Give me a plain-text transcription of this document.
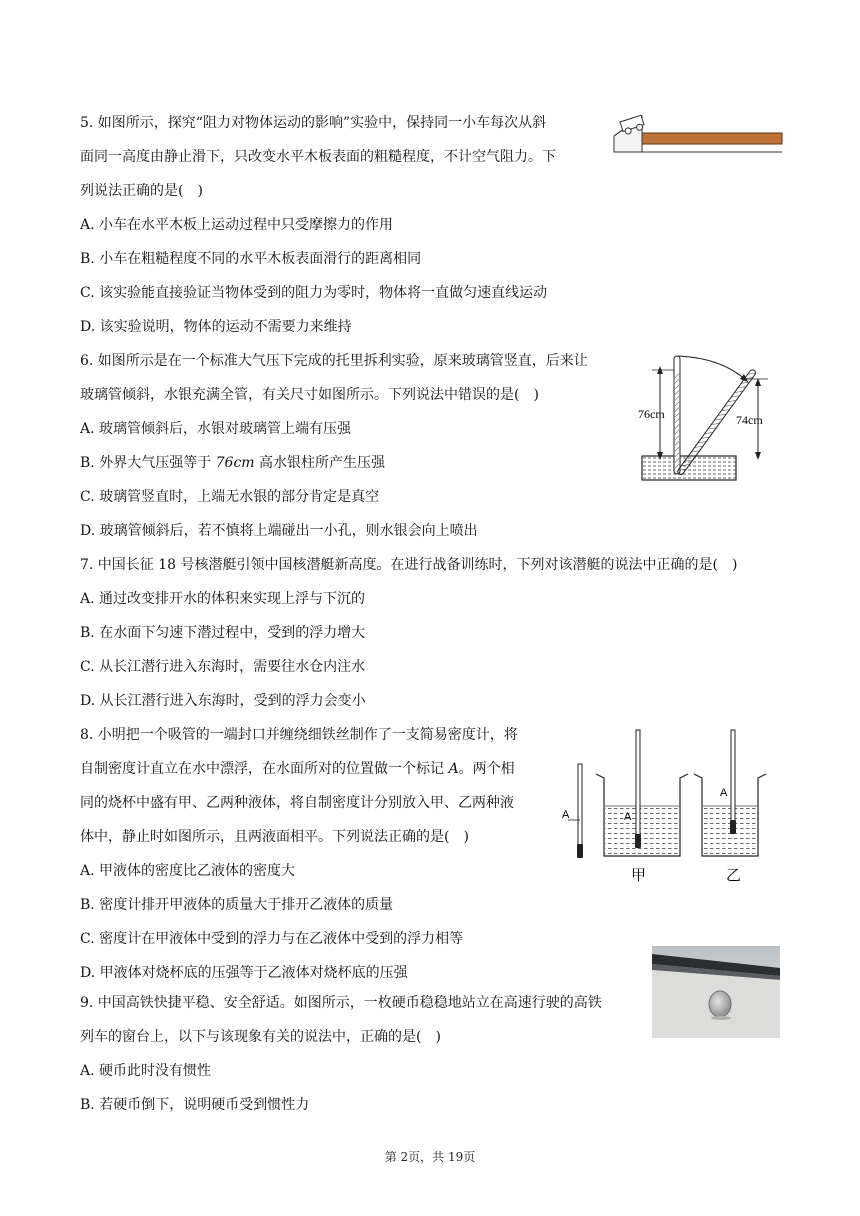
5. 如图所示，探究“阻力对物体运动的影响”实验中，保持同一小车每次从斜
面同一高度由静止滑下，只改变水平木板表面的粗糙程度，不计空气阻力。下
列说法正确的是( )
A. 小车在水平木板上运动过程中只受摩擦力的作用
B. 小车在粗糙程度不同的水平木板表面滑行的距离相同
C. 该实验能直接验证当物体受到的阻力为零时，物体将一直做匀速直线运动
D. 该实验说明，物体的运动不需要力来维持
6. 如图所示是在一个标准大气压下完成的托里拆利实验，原来玻璃管竖直，后来让
玻璃管倾斜，水银充满全管，有关尺寸如图所示。下列说法中错误的是( )
A. 玻璃管倾斜后，水银对玻璃管上端有压强
B. 外界大气压强等于 76cm 高水银柱所产生压强
C. 玻璃管竖直时，上端无水银的部分肯定是真空
D. 玻璃管倾斜后，若不慎将上端碰出一小孔，则水银会向上喷出
76cm	74cm
7. 中国长征 18 号核潜艇引领中国核潜艇新高度。在进行战备训练时，下列对该潜艇的说法中正确的是( )
A. 通过改变排开水的体积来实现上浮与下沉的
B. 在水面下匀速下潜过程中，受到的浮力增大
C. 从长江潜行进入东海时，需要往水仓内注水
D. 从长江潜行进入东海时，受到的浮力会变小
8. 小明把一个吸管的一端封口并缠绕细铁丝制作了一支简易密度计，将
自制密度计直立在水中漂浮，在水面所对的位置做一个标记 A。两个相
同的烧杯中盛有甲、乙两种液体，将自制密度计分别放入甲、乙两种液
体中，静止时如图所示，且两液面相平。下列说法正确的是( )
A. 甲液体的密度比乙液体的密度大
B. 密度计排开甲液体的质量大于排开乙液体的质量
C. 密度计在甲液体中受到的浮力与在乙液体中受到的浮力相等
D. 甲液体对烧杯底的压强等于乙液体对烧杯底的压强
A	A
甲
A
乙
9. 中国高铁快捷平稳、安全舒适。如图所示，一枚硬币稳稳地站立在高速行驶的高铁
列车的窗台上，以下与该现象有关的说法中，正确的是( )
A. 硬币此时没有惯性
B. 若硬币倒下，说明硬币受到惯性力
第 2页，共 19页
